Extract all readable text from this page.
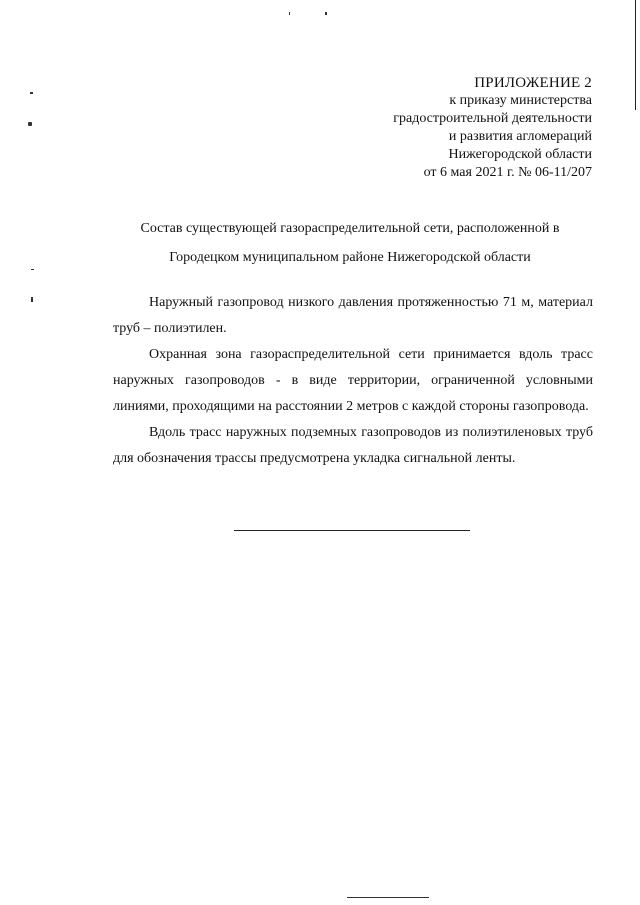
ПРИЛОЖЕНИЕ 2
к приказу министерства
градостроительной деятельности
и развития агломераций
Нижегородской области
от 6 мая 2021 г. № 06-11/207
Состав существующей газораспределительной сети, расположенной в
Городецком муниципальном районе Нижегородской области

Наружный газопровод низкого давления протяженностью 71 м, материал труб – полиэтилен.

Охранная зона газораспределительной сети принимается вдоль трасс наружных газопроводов - в виде территории, ограниченной условными линиями, проходящими на расстоянии 2 метров с каждой стороны газопровода.

Вдоль трасс наружных подземных газопроводов из полиэтиленовых труб для обозначения трассы предусмотрена укладка сигнальной ленты.
